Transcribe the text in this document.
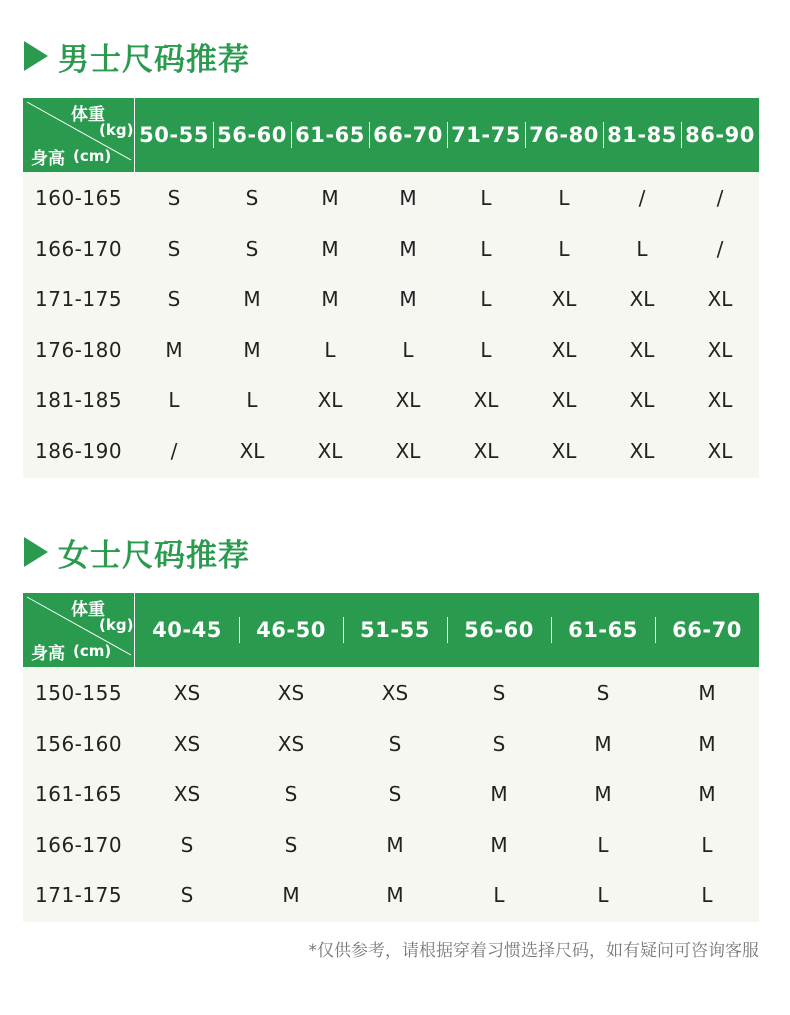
男士尺码推荐
体重
(kg)
身高 (cm)
50-55 56-60 61-65 66-70 71-75 76-80 81-85 86-90
160-165	S	S	M	M	L	L	/	/
166-170	S	S	M	M	L	L	L	/
171-175	S	M	M	M	L	XL	XL	XL
176-180	M	M	L	L	L	XL	XL	XL
181-185	L	L	XL	XL	XL	XL	XL	XL
186-190	/	XL	XL	XL	XL	XL	XL	XL
女士尺码推荐
体重
(kg)
身高 (cm)
40-45	46-50	51-55	56-60	61-65	66-70
150-155	XS	XS	XS	S	S	M
156-160	XS	XS	S	S	M	M
161-165	XS	S	S	M	M	M
166-170	S	S	M	M	L	L
171-175	S	M	M	L	L	L
*仅供参考，请根据穿着习惯选择尺码，如有疑问可咨询客服
